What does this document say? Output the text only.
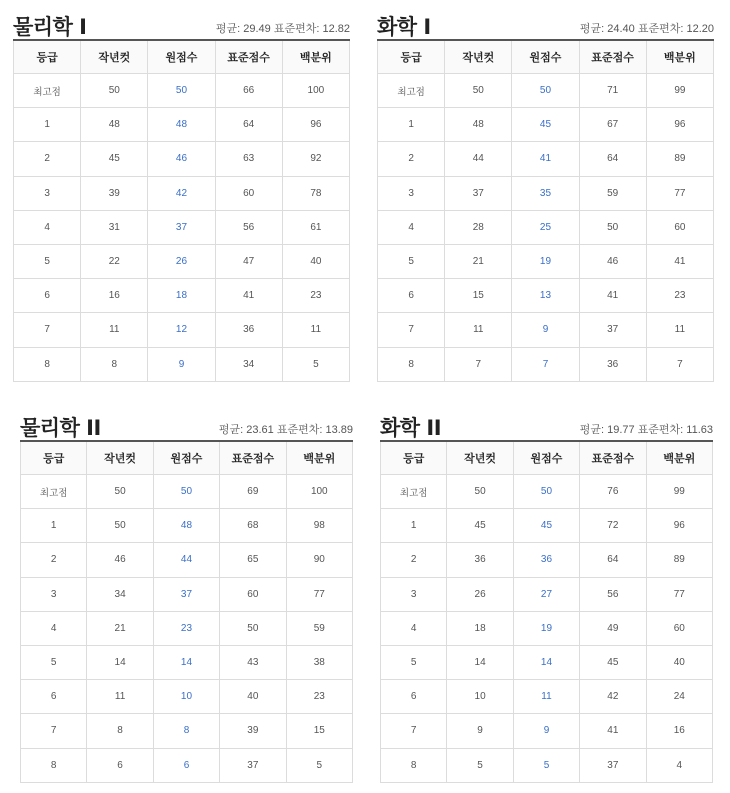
물리학 I	평균: 29.49 표준편차: 12.82
등급	작년컷	원점수	표준점수	백분위
최고점	50	50	66	100
1	48	48	64	96
2	45	46	63	92
3	39	42	60	78
4	31	37	56	61
5	22	26	47	40
6	16	18	41	23
7	11	12	36	11
8	8	9	34	5
화학 I	평균: 24.40 표준편차: 12.20
등급	작년컷	원점수	표준점수	백분위
최고점	50	50	71	99
1	48	45	67	96
2	44	41	64	89
3	37	35	59	77
4	28	25	50	60
5	21	19	46	41
6	15	13	41	23
7	11	9	37	11
8	7	7	36	7
물리학 II	평균: 23.61 표준편차: 13.89
등급	작년컷	원점수	표준점수	백분위
최고점	50	50	69	100
1	50	48	68	98
2	46	44	65	90
3	34	37	60	77
4	21	23	50	59
5	14	14	43	38
6	11	10	40	23
7	8	8	39	15
8	6	6	37	5
화학 II	평균: 19.77 표준편차: 11.63
등급	작년컷	원점수	표준점수	백분위
최고점	50	50	76	99
1	45	45	72	96
2	36	36	64	89
3	26	27	56	77
4	18	19	49	60
5	14	14	45	40
6	10	11	42	24
7	9	9	41	16
8	5	5	37	4
